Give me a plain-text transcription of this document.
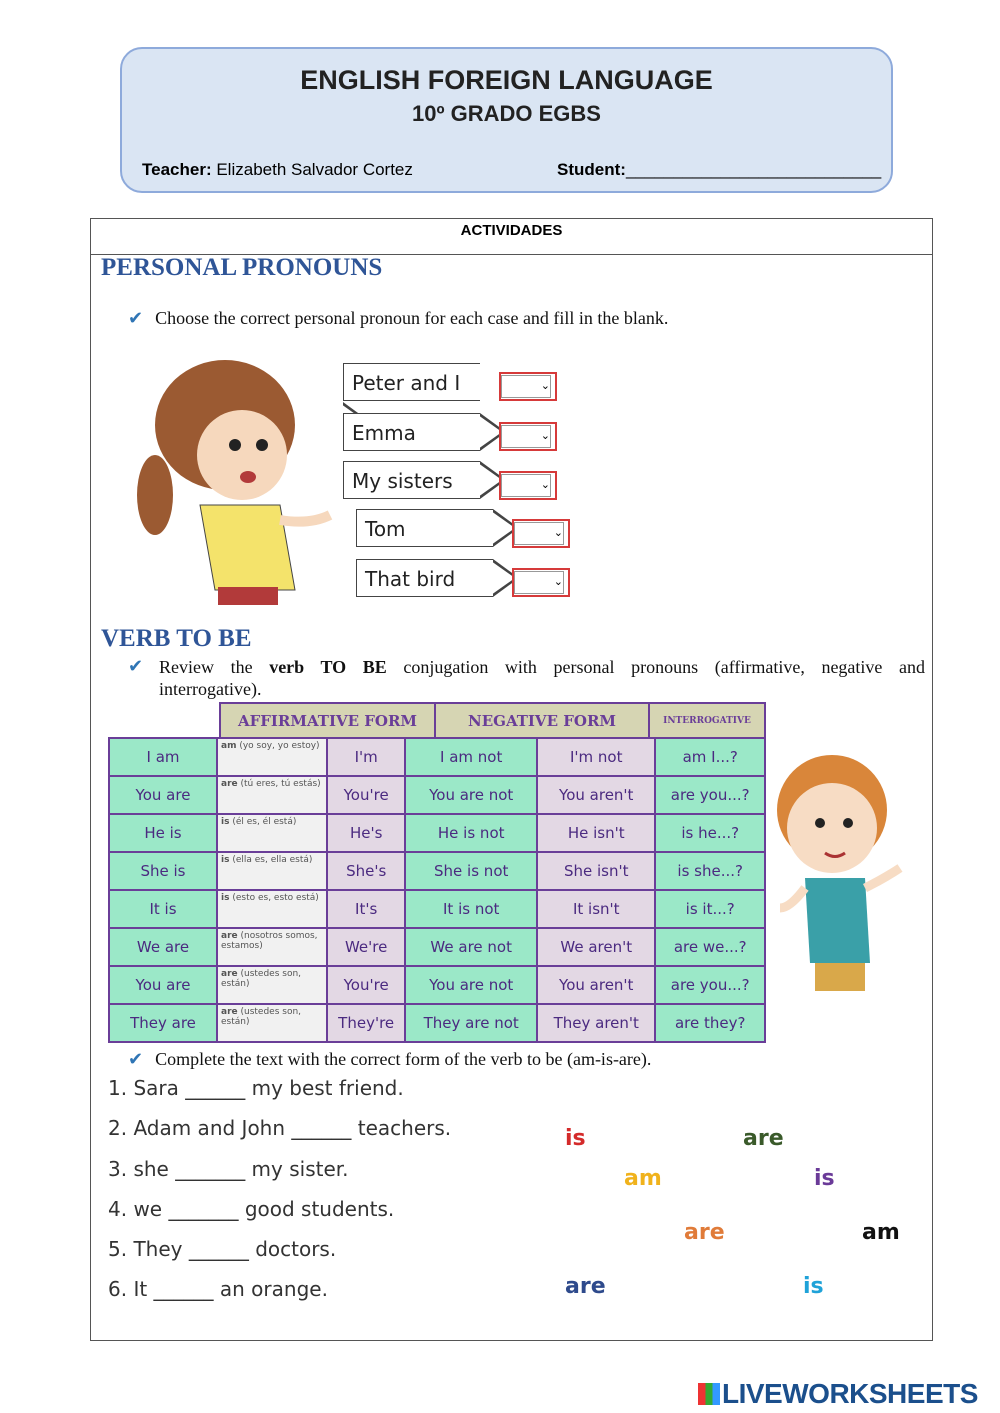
ENGLISH FOREIGN LANGUAGE
10º GRADO EGBS
Teacher: Elizabeth Salvador Cortez	Student:___________________________
ACTIVIDADES
PERSONAL PRONOUNS
✔ Choose the correct personal pronoun for each case and fill in the blank.
Peter and I	⌄
Emma	⌄
My sisters	⌄
Tom	⌄
That bird	⌄
VERB TO BE
✔ Review the verb TO BE conjugation with personal pronouns (affirmative, negative and interrogative).
AFFIRMATIVE FORM	NEGATIVE FORM	INTERROGATIVE
I am	am (yo soy, yo estoy)	I'm	I am not	I'm not	am I...?
You are	are (tú eres, tú estás)	You're	You are not	You aren't	are you...?
He is	is (él es, él está)	He's	He is not	He isn't	is he...?
She is	is (ella es, ella está)	She's	She is not	She isn't	is she...?
It is	is (esto es, esto está)	It's	It is not	It isn't	is it...?
We are	are (nosotros somos, estamos)	We're	We are not	We aren't	are we...?
You are	are (ustedes son, están)	You're	You are not	You aren't	are you...?
They are	are (ustedes son, están)	They're	They are not	They aren't	are they?
✔ Complete the text with the correct form of the verb to be (am-is-are).
1. Sara ______ my best friend.
2. Adam and John ______ teachers.
3. she _______ my sister.
4. we _______ good students.
5. They ______ doctors.
6. It ______ an orange.
is	are
am	is
are	am
are	is
LIVEWORKSHEETS
